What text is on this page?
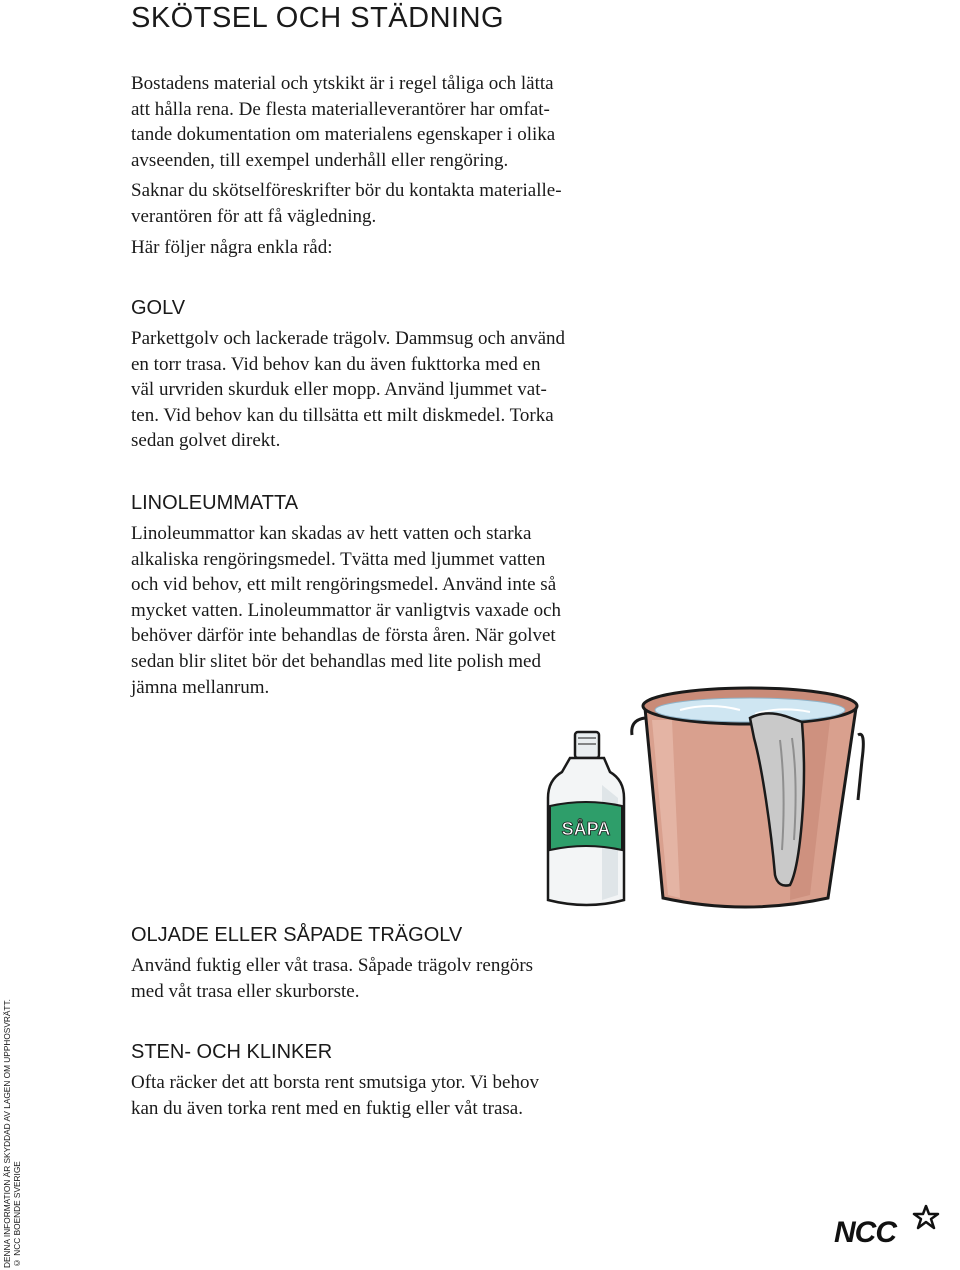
SKÖTSEL OCH STÄDNING
Bostadens material och ytskikt är i regel tåliga och lätta
att hålla rena. De flesta materialleverantörer har omfat-
tande dokumentation om materialens egenskaper i olika
avseenden, till exempel underhåll eller rengöring.
Saknar du skötselföreskrifter bör du kontakta materialle-
verantören för att få vägledning.
Här följer några enkla råd:
GOLV
Parkettgolv och lackerade trägolv. Dammsug och använd
en torr trasa. Vid behov kan du även fukttorka med en
väl urvriden skurduk eller mopp. Använd ljummet vat-
ten. Vid behov kan du tillsätta ett milt diskmedel. Torka
sedan golvet direkt.
LINOLEUMMATTA
Linoleummattor kan skadas av hett vatten och starka
alkaliska rengöringsmedel. Tvätta med ljummet vatten
och vid behov, ett milt rengöringsmedel. Använd inte så
mycket vatten. Linoleummattor är vanligtvis vaxade och
behöver därför inte behandlas de första åren. När golvet
sedan blir slitet bör det behandlas med lite polish med
jämna mellanrum.
SÅPA
OLJADE ELLER SÅPADE TRÄGOLV
Använd fuktig eller våt trasa. Såpade trägolv rengörs
med våt trasa eller skurborste.
STEN- OCH KLINKER
Ofta räcker det att borsta rent smutsiga ytor. Vi behov
kan du även torka rent med en fuktig eller våt trasa.
DENNA INFORMATION ÄR SKYDDAD AV LAGEN OM UPPHOSVRÄTT.
© NCC BOENDE SVERIGE	NCC
